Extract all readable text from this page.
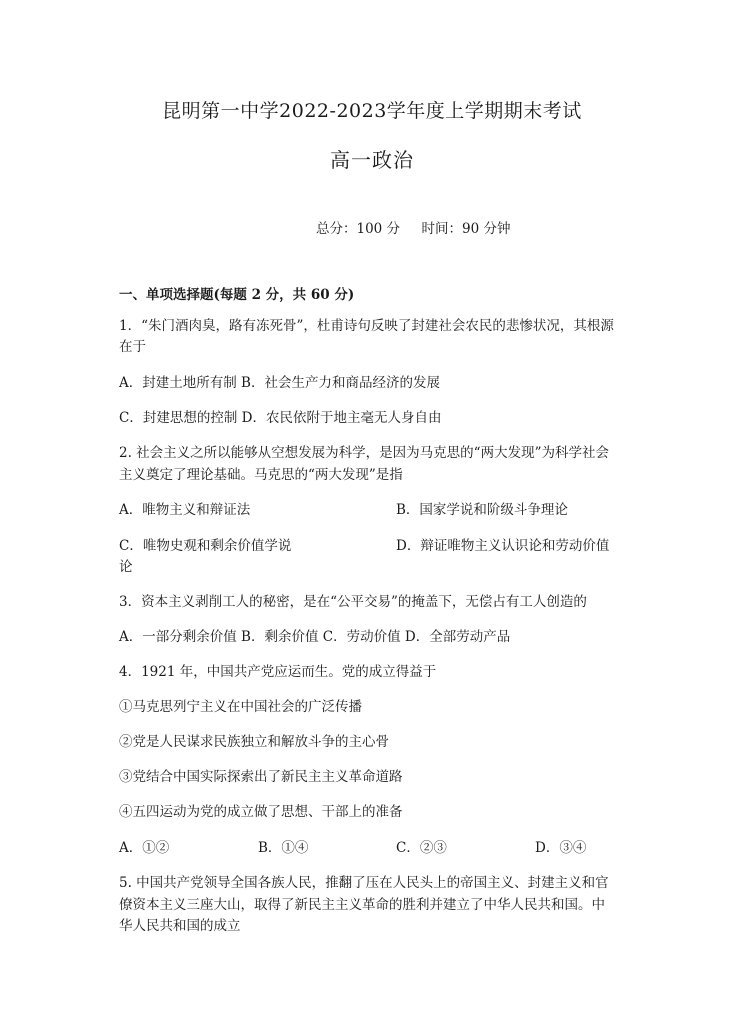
昆明第一中学2022-2023学年度上学期期末考试
高一政治
总分：100 分 时间：90 分钟
一、单项选择题(每题 2 分，共 60 分)
1．“朱门酒肉臭，路有冻死骨”，杜甫诗句反映了封建社会农民的悲惨状况，其根源
在于
A．封建土地所有制 B．社会生产力和商品经济的发展
C．封建思想的控制 D．农民依附于地主毫无人身自由
2. 社会主义之所以能够从空想发展为科学，是因为马克思的“两大发现”为科学社会
主义奠定了理论基础。马克思的“两大发现”是指
A．唯物主义和辩证法	B．国家学说和阶级斗争理论
C．唯物史观和剩余价值学说	D．辩证唯物主义认识论和劳动价值
论
3．资本主义剥削工人的秘密，是在“公平交易”的掩盖下，无偿占有工人创造的
A．一部分剩余价值 B．剩余价值 C．劳动价值 D．全部劳动产品
4．1921 年，中国共产党应运而生。党的成立得益于
①马克思列宁主义在中国社会的广泛传播
②党是人民谋求民族独立和解放斗争的主心骨
③党结合中国实际探索出了新民主主义革命道路
④五四运动为党的成立做了思想、干部上的准备
A．①②	B．①④	C．②③	D．③④
5. 中国共产党领导全国各族人民，推翻了压在人民头上的帝国主义、封建主义和官
僚资本主义三座大山，取得了新民主主义革命的胜利并建立了中华人民共和国。中
华人民共和国的成立
